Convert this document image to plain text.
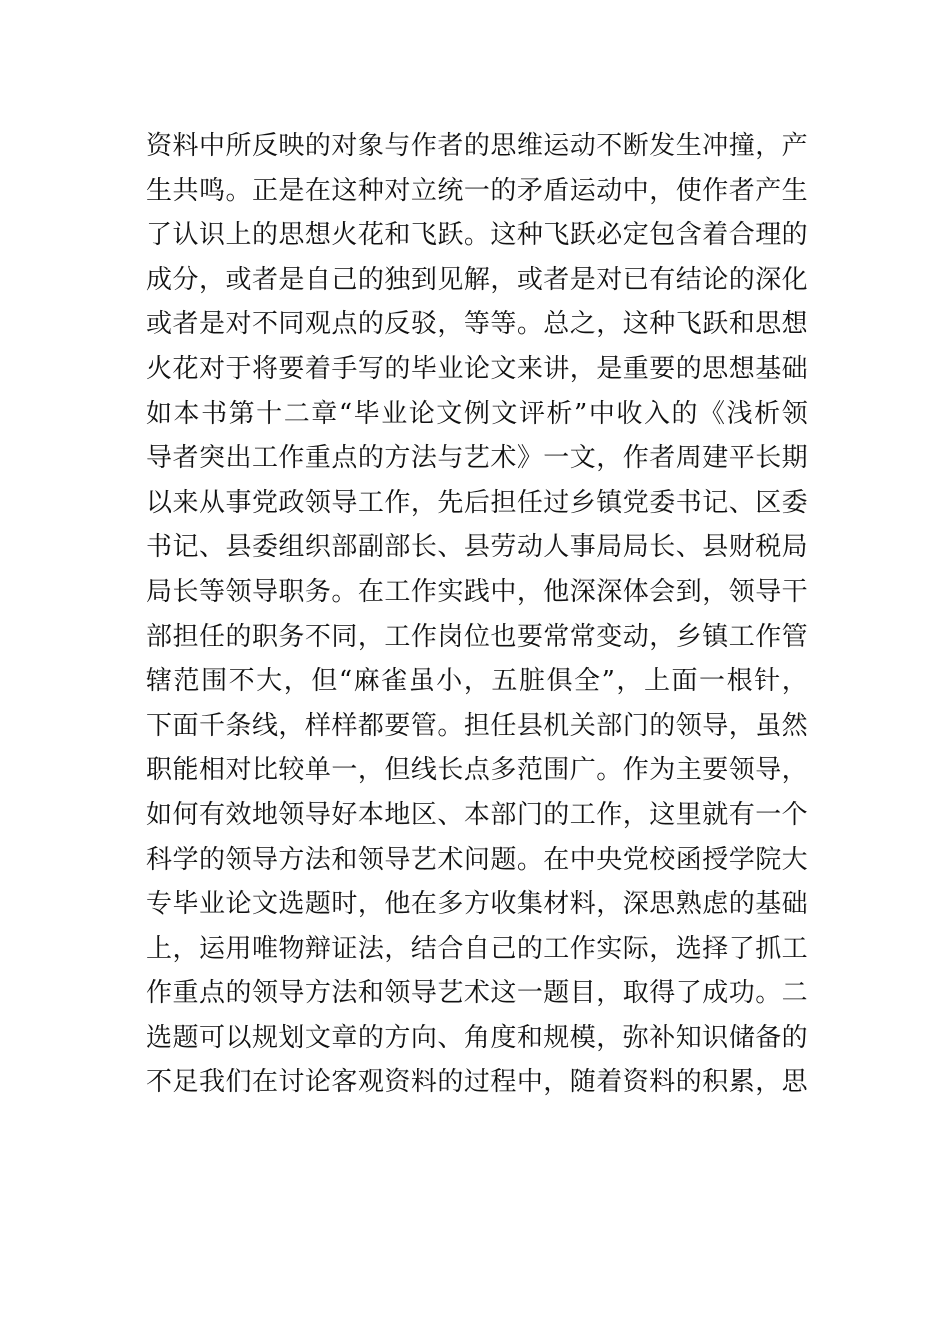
资料中所反映的对象与作者的思维运动不断发生冲撞，产
生共鸣。正是在这种对立统一的矛盾运动中，使作者产生
了认识上的思想火花和飞跃。这种飞跃必定包含着合理的
成分，或者是自己的独到见解，或者是对已有结论的深化
或者是对不同观点的反驳，等等。总之，这种飞跃和思想
火花对于将要着手写的毕业论文来讲，是重要的思想基础
如本书第十二章“毕业论文例文评析”中收入的《浅析领
导者突出工作重点的方法与艺术》一文，作者周建平长期
以来从事党政领导工作，先后担任过乡镇党委书记、区委
书记、县委组织部副部长、县劳动人事局局长、县财税局
局长等领导职务。在工作实践中，他深深体会到，领导干
部担任的职务不同，工作岗位也要常常变动，乡镇工作管
辖范围不大，但“麻雀虽小，五脏俱全”，上面一根针，
下面千条线，样样都要管。担任县机关部门的领导，虽然
职能相对比较单一，但线长点多范围广。作为主要领导，
如何有效地领导好本地区、本部门的工作，这里就有一个
科学的领导方法和领导艺术问题。在中央党校函授学院大
专毕业论文选题时，他在多方收集材料，深思熟虑的基础
上，运用唯物辩证法，结合自己的工作实际，选择了抓工
作重点的领导方法和领导艺术这一题目，取得了成功。二
选题可以规划文章的方向、角度和规模，弥补知识储备的
不足我们在讨论客观资料的过程中，随着资料的积累，思
